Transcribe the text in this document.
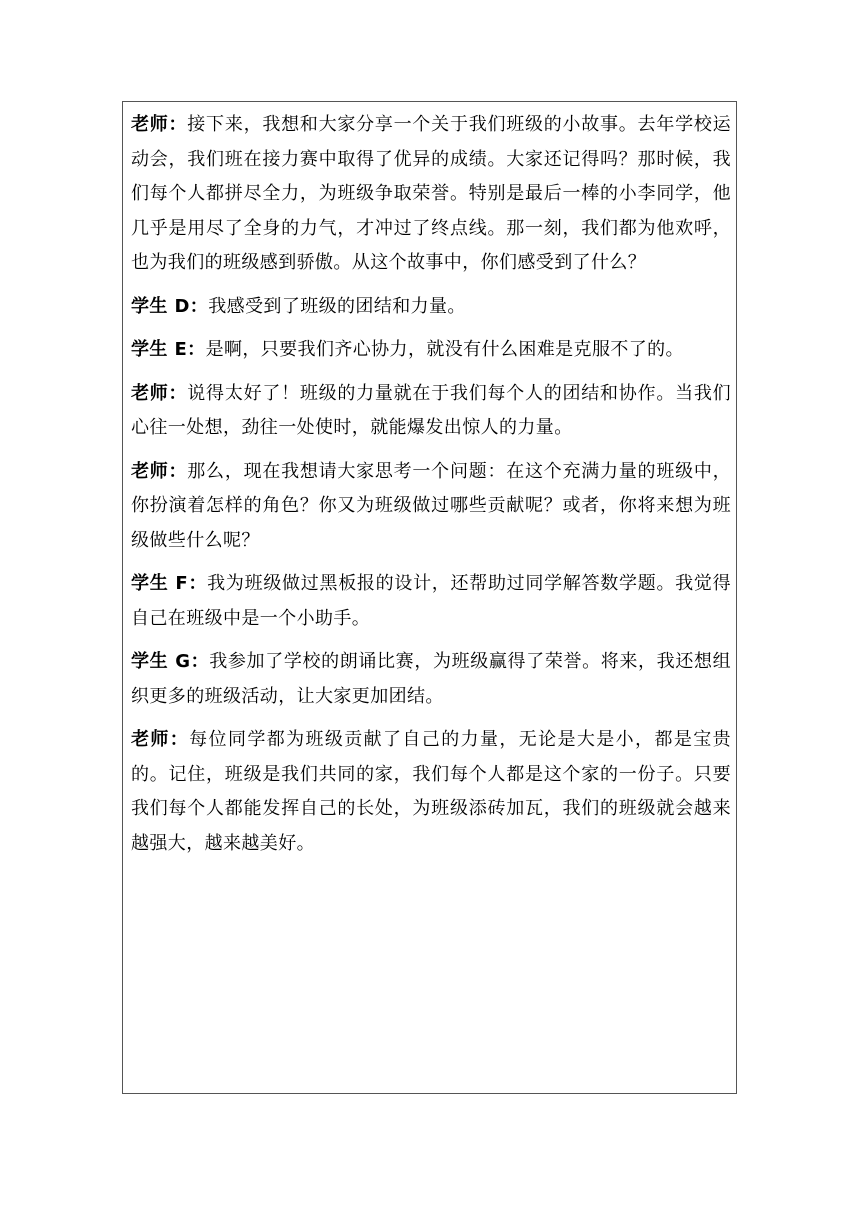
老师：接下来，我想和大家分享一个关于我们班级的小故事。去年学校运动会，我们班在接力赛中取得了优异的成绩。大家还记得吗？那时候，我们每个人都拼尽全力，为班级争取荣誉。特别是最后一棒的小李同学，他几乎是用尽了全身的力气，才冲过了终点线。那一刻，我们都为他欢呼，也为我们的班级感到骄傲。从这个故事中，你们感受到了什么？

学生 D：我感受到了班级的团结和力量。

学生 E：是啊，只要我们齐心协力，就没有什么困难是克服不了的。

老师：说得太好了！班级的力量就在于我们每个人的团结和协作。当我们心往一处想，劲往一处使时，就能爆发出惊人的力量。

老师：那么，现在我想请大家思考一个问题：在这个充满力量的班级中，你扮演着怎样的角色？你又为班级做过哪些贡献呢？或者，你将来想为班级做些什么呢？

学生 F：我为班级做过黑板报的设计，还帮助过同学解答数学题。我觉得自己在班级中是一个小助手。

学生 G：我参加了学校的朗诵比赛，为班级赢得了荣誉。将来，我还想组织更多的班级活动，让大家更加团结。

老师：每位同学都为班级贡献了自己的力量，无论是大是小，都是宝贵的。记住，班级是我们共同的家，我们每个人都是这个家的一份子。只要我们每个人都能发挥自己的长处，为班级添砖加瓦，我们的班级就会越来越强大，越来越美好。
